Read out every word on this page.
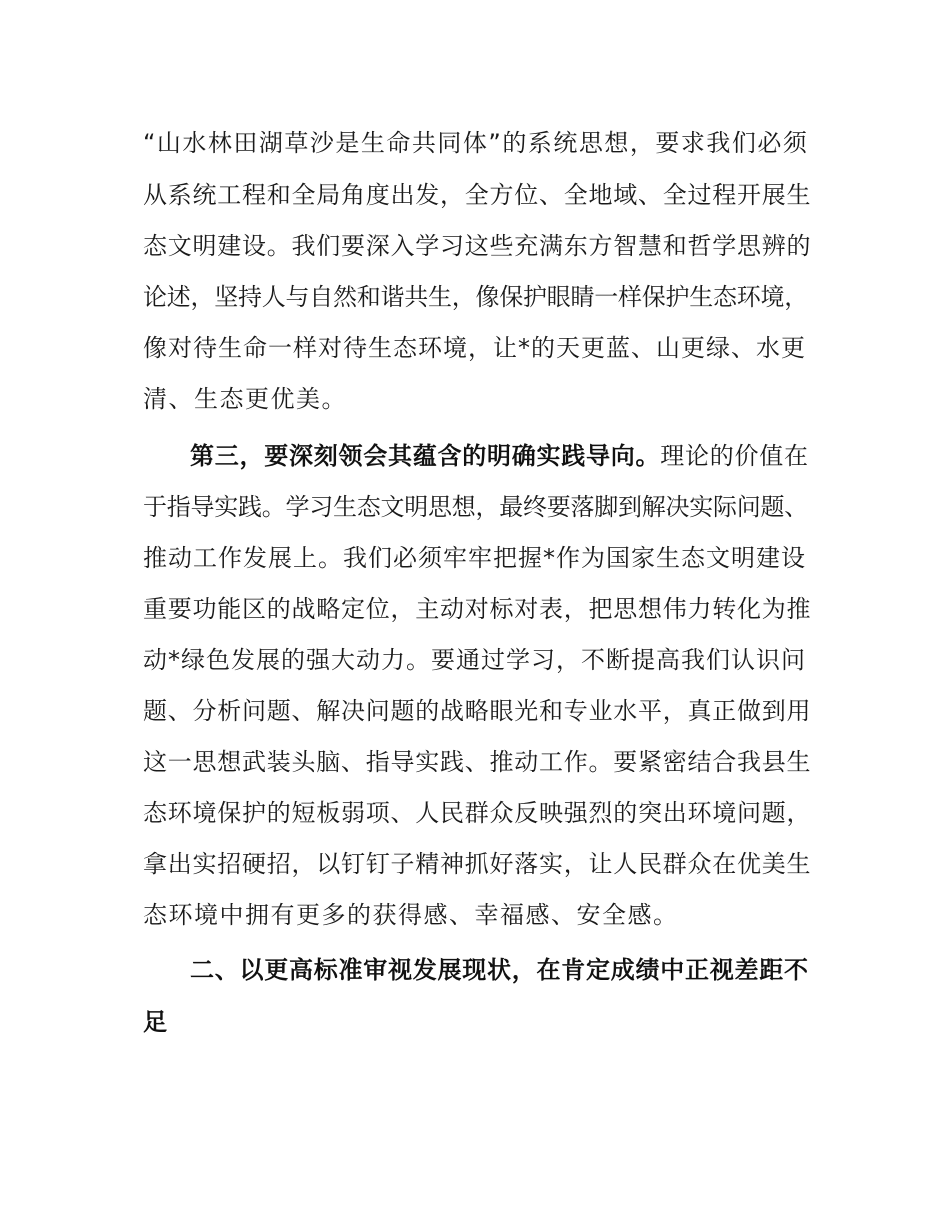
“山水林田湖草沙是生命共同体”的系统思想，要求我们必须
从系统工程和全局角度出发，全方位、全地域、全过程开展生
态文明建设。我们要深入学习这些充满东方智慧和哲学思辨的
论述，坚持人与自然和谐共生，像保护眼睛一样保护生态环境，
像对待生命一样对待生态环境，让*的天更蓝、山更绿、水更
清、生态更优美。
第三，要深刻领会其蕴含的明确实践导向。理论的价值在
于指导实践。学习生态文明思想，最终要落脚到解决实际问题、
推动工作发展上。我们必须牢牢把握*作为国家生态文明建设
重要功能区的战略定位，主动对标对表，把思想伟力转化为推
动*绿色发展的强大动力。要通过学习，不断提高我们认识问
题、分析问题、解决问题的战略眼光和专业水平，真正做到用
这一思想武装头脑、指导实践、推动工作。要紧密结合我县生
态环境保护的短板弱项、人民群众反映强烈的突出环境问题，
拿出实招硬招，以钉钉子精神抓好落实，让人民群众在优美生
态环境中拥有更多的获得感、幸福感、安全感。
二、以更高标准审视发展现状，在肯定成绩中正视差距不
足
